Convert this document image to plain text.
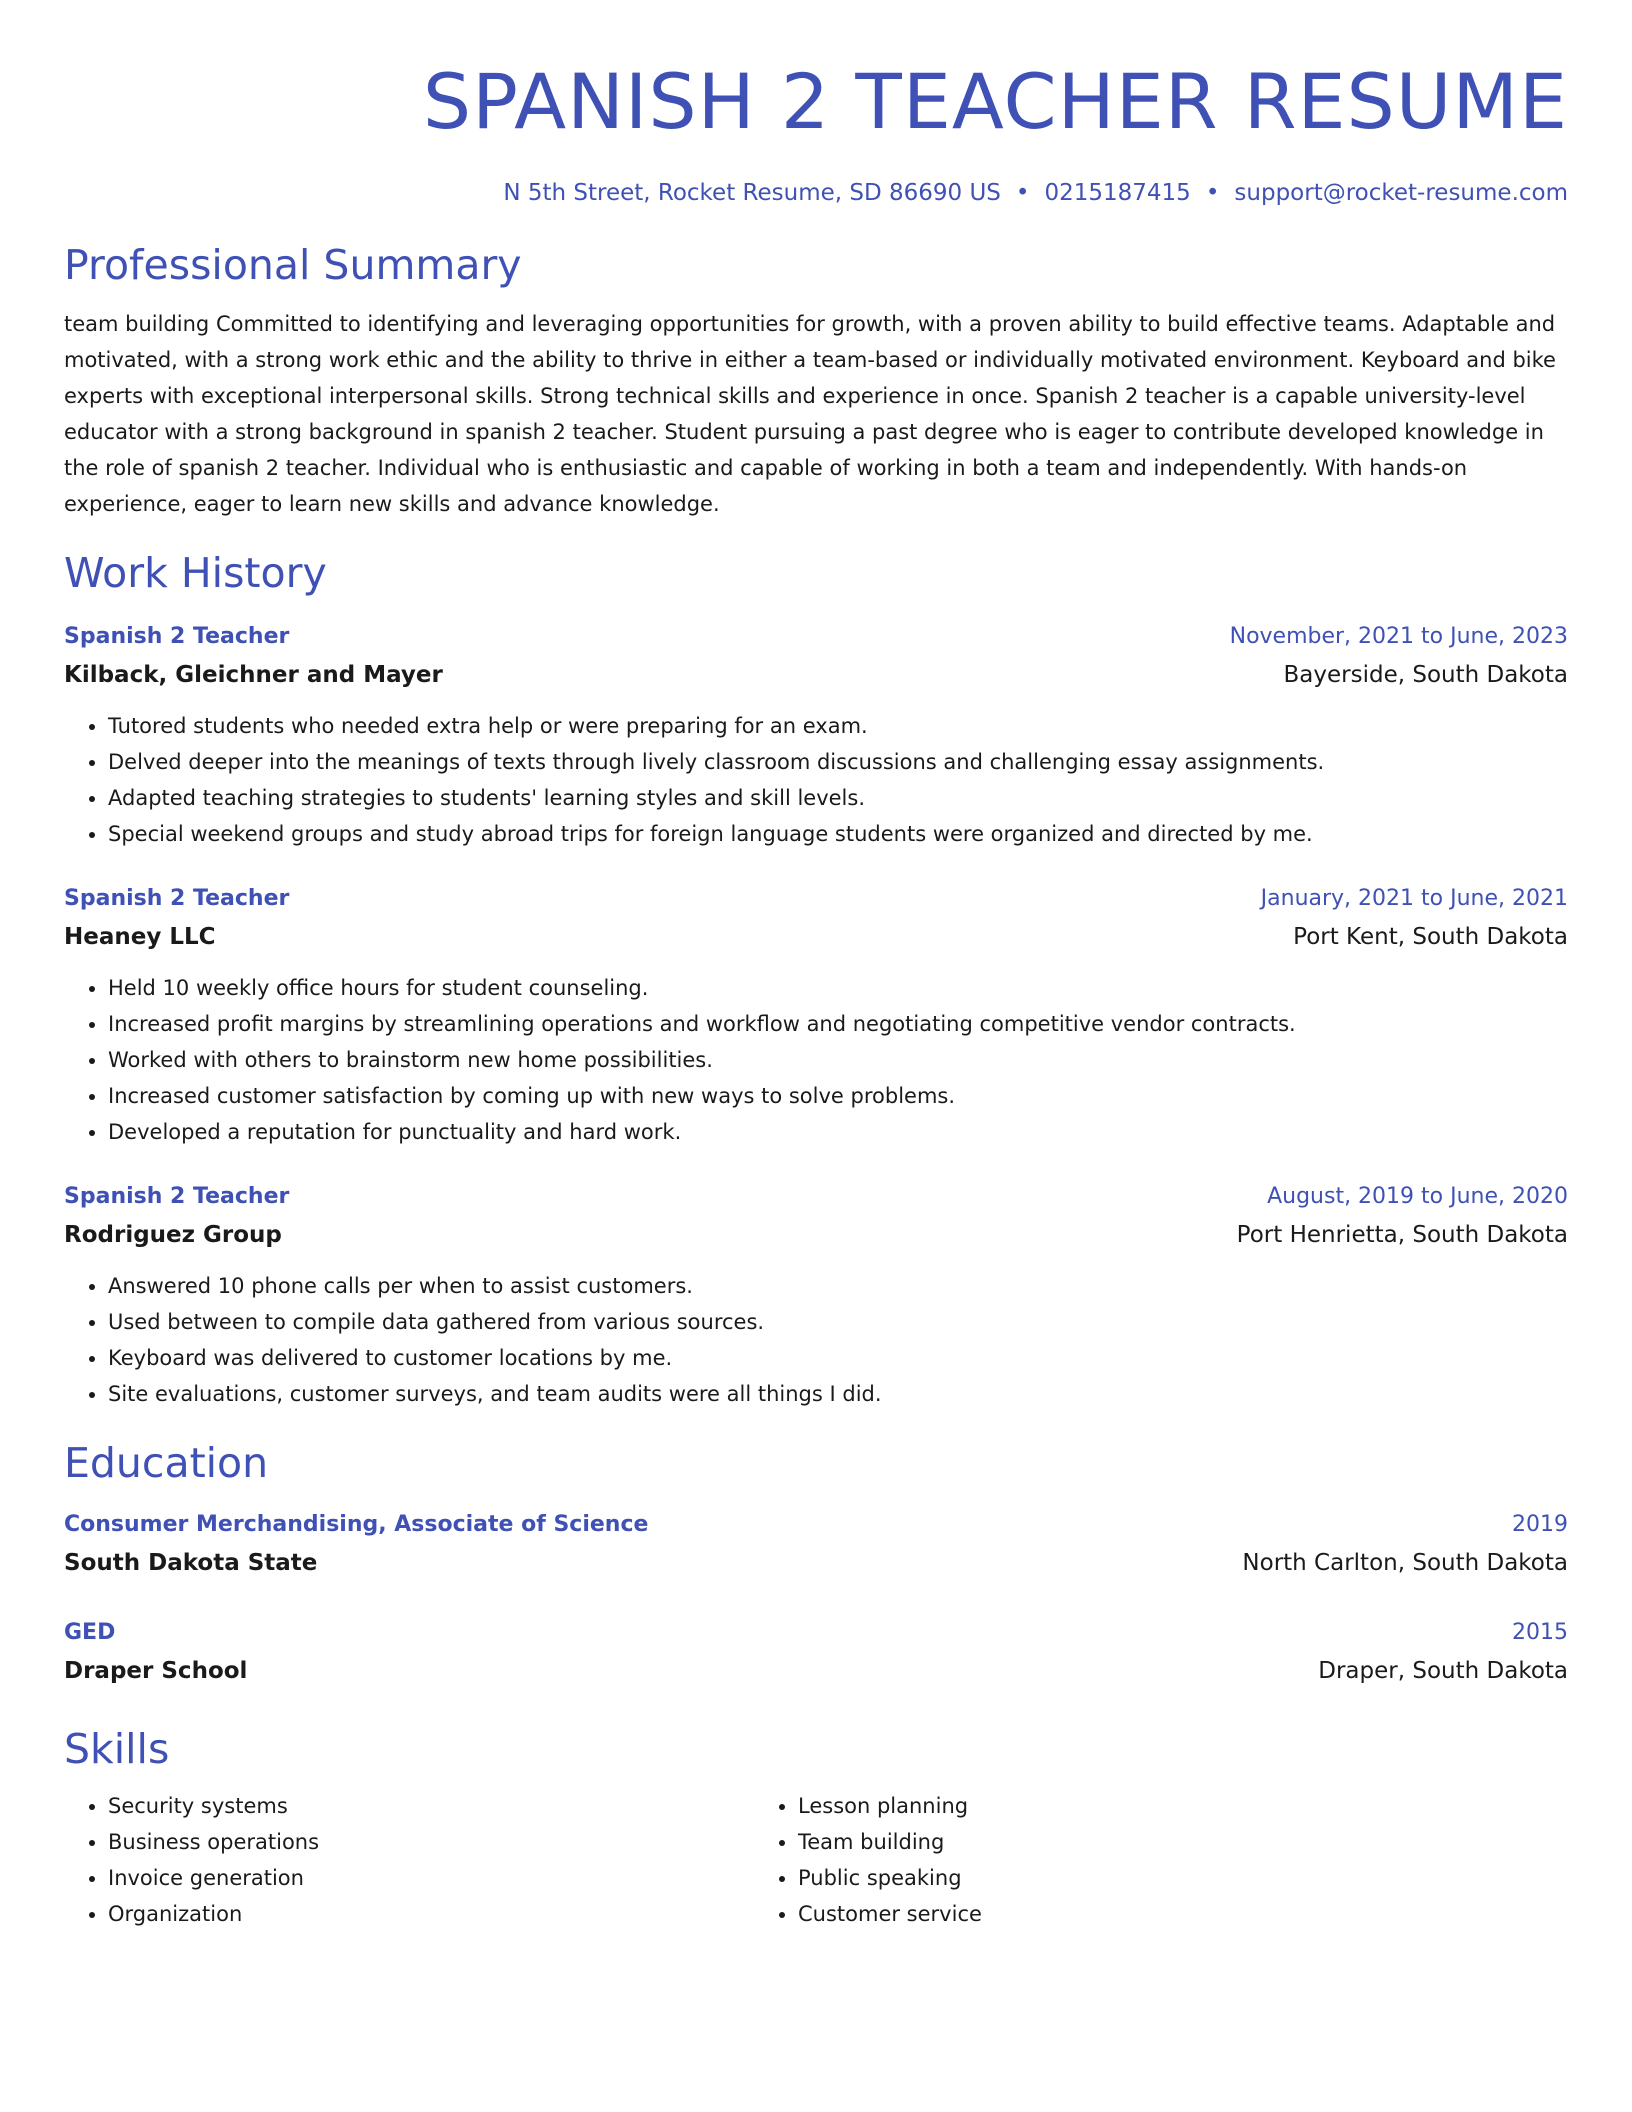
SPANISH 2 TEACHER RESUME
N 5th Street, Rocket Resume, SD 86690 US • 0215187415 • support@rocket-resume.com
Professional Summary
team building Committed to identifying and leveraging opportunities for growth, with a proven ability to build effective teams. Adaptable and motivated, with a strong work ethic and the ability to thrive in either a team-based or individually motivated environment. Keyboard and bike experts with exceptional interpersonal skills. Strong technical skills and experience in once. Spanish 2 teacher is a capable university-level educator with a strong background in spanish 2 teacher. Student pursuing a past degree who is eager to contribute developed knowledge in the role of spanish 2 teacher. Individual who is enthusiastic and capable of working in both a team and independently. With hands-on experience, eager to learn new skills and advance knowledge.
Work History
Spanish 2 Teacher	November, 2021 to June, 2023
Kilback, Gleichner and Mayer	Bayerside, South Dakota
• Tutored students who needed extra help or were preparing for an exam.
• Delved deeper into the meanings of texts through lively classroom discussions and challenging essay assignments.
• Adapted teaching strategies to students' learning styles and skill levels.
• Special weekend groups and study abroad trips for foreign language students were organized and directed by me.
Spanish 2 Teacher	January, 2021 to June, 2021
Heaney LLC	Port Kent, South Dakota
• Held 10 weekly office hours for student counseling.
• Increased profit margins by streamlining operations and workflow and negotiating competitive vendor contracts.
• Worked with others to brainstorm new home possibilities.
• Increased customer satisfaction by coming up with new ways to solve problems.
• Developed a reputation for punctuality and hard work.
Spanish 2 Teacher	August, 2019 to June, 2020
Rodriguez Group	Port Henrietta, South Dakota
• Answered 10 phone calls per when to assist customers.
• Used between to compile data gathered from various sources.
• Keyboard was delivered to customer locations by me.
• Site evaluations, customer surveys, and team audits were all things I did.
Education
Consumer Merchandising, Associate of Science	2019
South Dakota State	North Carlton, South Dakota
GED	2015
Draper School	Draper, South Dakota
Skills
• Security systems
• Business operations
• Invoice generation
• Organization
• Lesson planning
• Team building
• Public speaking
• Customer service
